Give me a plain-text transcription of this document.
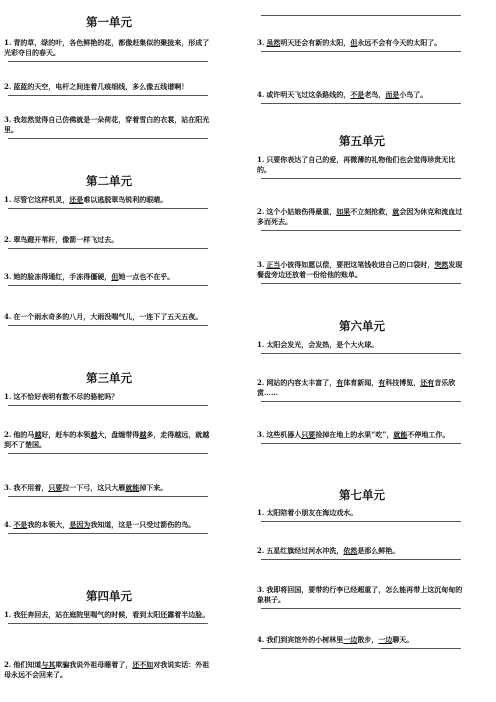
第一单元

1. 青的草，绿的叶，各色鲜艳的花，都像赶集似的聚拢来，形成了光彩夺目的春天。

2. 蓝蓝的天空，电杆之间连着几痕细线，多么像五线谱啊！

3. 我忽然觉得自己仿佛就是一朵荷花，穿着雪白的衣裳，站在阳光里。

第二单元

1. 尽管它这样机灵，还是难以逃脱翠鸟锐利的眼睛。

2. 翠鸟蹬开苇秆，像箭一样飞过去。

3. 她的脸冻得通红，手冻得僵硬，但她一点也不在乎。

4. 在一个雨水奇多的八月，大雨没喘气儿，一连下了五天五夜。

第三单元

1. 这不恰好表明有数不尽的骆驼吗？

2. 他的马越好，赶车的本领越大，盘缠带得越多，走得越远，就越到不了楚国。

3. 我不用着，只要拉一下弓，这只大雁就能掉下来。

4. 不是我的本领大，是因为我知道，这是一只受过箭伤的鸟。

第四单元

1. 我狂奔回去，站在庭院里喘气的时候，看到太阳还露着半边脸。

2. 他们知道与其欺骗我说外祖母睡着了，还不如对我说实话：外祖母永远不会回来了。

3. 虽然明天还会有新的太阳，但永远不会有今天的太阳了。

4. 或许明天飞过这条路线的，不是老鸟，而是小鸟了。

第五单元

1. 只要你表达了自己的爱，再微薄的礼物他们也会觉得珍贵无比的。

2. 这个小姑娘伤得最重，如果不立刻抢救，就会因为休克和流血过多而死去。

3. 正当小彼得如愿以偿，要把这笔钱收进自己的口袋时，突然发现餐盘旁边还放着一份给他的账单。

第六单元

1. 太阳会发光，会发热，是个大火球。

2. 网站的内容太丰富了，有体育新闻，有科技博览，还有音乐欣赏……

3. 这些机器人只要捡掉在地上的水果“吃”，就能不停地工作。

第七单元

1. 太阳陪着小朋友在海边戏水。

2. 五星红旗经过河水冲洗，依然是那么鲜艳。

3. 我即将回国，要带的行李已经超重了，怎么能再带上这沉甸甸的象棋子。

4. 我们到宾馆外的小树林里一边散步，一边聊天。
